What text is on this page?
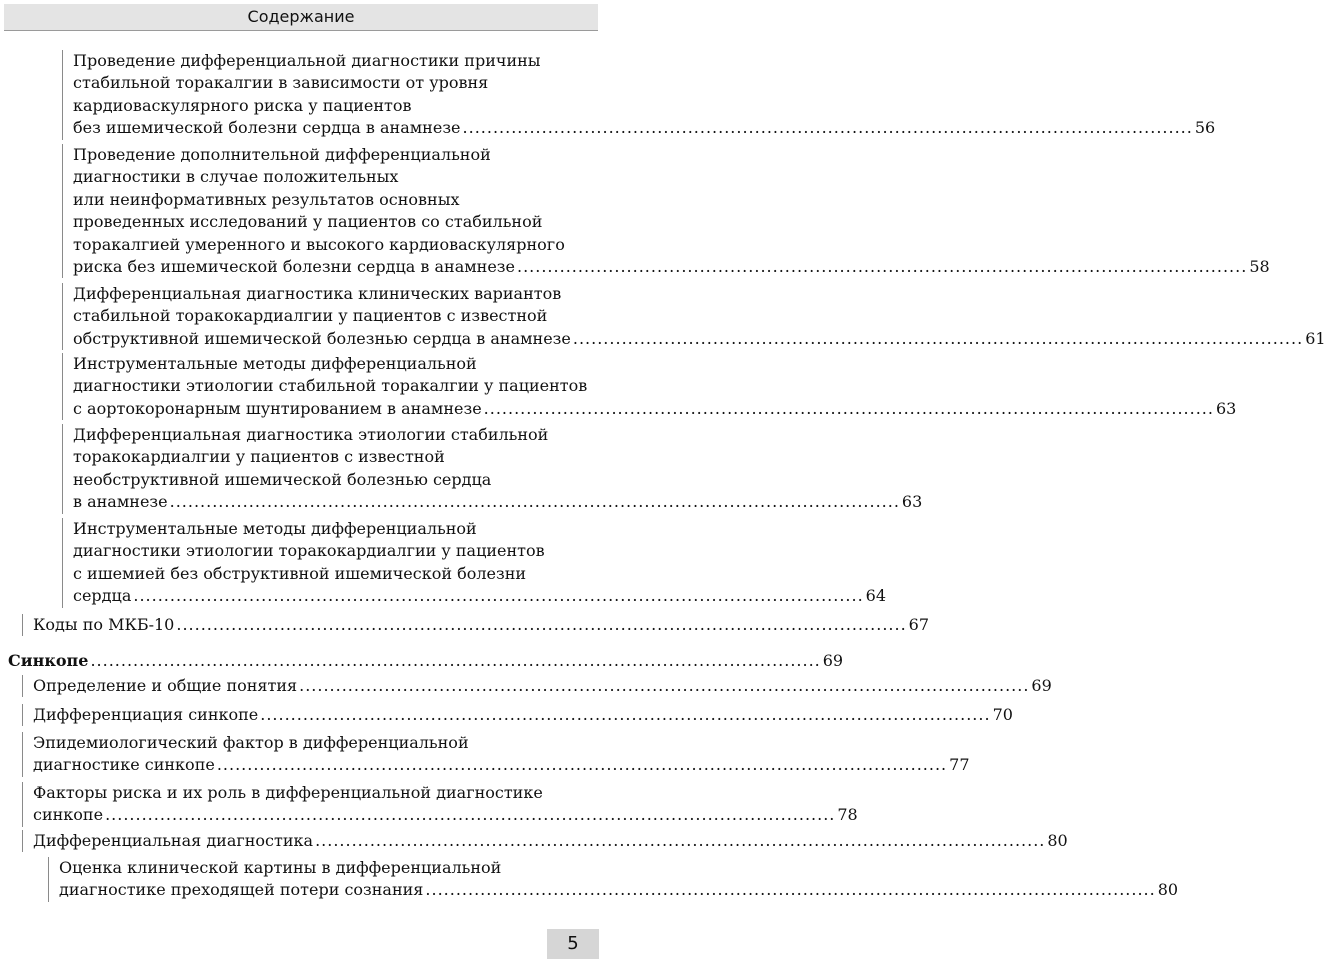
Содержание

Проведение дифференциальной диагностики причины

стабильной торакалгии в зависимости от уровня

кардиоваскулярного риска у пациентов

без ишемической болезни сердца в анамнезе ........................................................................................................................ 56

Проведение дополнительной дифференциальной

диагностики в случае положительных

или неинформативных результатов основных

проведенных исследований у пациентов со стабильной

торакалгией умеренного и высокого кардиоваскулярного

риска без ишемической болезни сердца в анамнезе ........................................................................................................................ 58

Дифференциальная диагностика клинических вариантов

стабильной торакокардиалгии у пациентов с известной

обструктивной ишемической болезнью сердца в анамнезе ........................................................................................................................ 61

Инструментальные методы дифференциальной

диагностики этиологии стабильной торакалгии у пациентов

с аортокоронарным шунтированием в анамнезе ........................................................................................................................ 63

Дифференциальная диагностика этиологии стабильной

торакокардиалгии у пациентов с известной

необструктивной ишемической болезнью сердца

в анамнезе ........................................................................................................................ 63

Инструментальные методы дифференциальной

диагностики этиологии торакокардиалгии у пациентов

с ишемией без обструктивной ишемической болезни

сердца ........................................................................................................................ 64

Коды по МКБ-10 ........................................................................................................................ 67

Синкопе ........................................................................................................................ 69

Определение и общие понятия ........................................................................................................................ 69

Дифференциация синкопе ........................................................................................................................ 70

Эпидемиологический фактор в дифференциальной

диагностике синкопе ........................................................................................................................ 77

Факторы риска и их роль в дифференциальной диагностике

синкопе ........................................................................................................................ 78

Дифференциальная диагностика ........................................................................................................................ 80

Оценка клинической картины в дифференциальной

диагностике преходящей потери сознания ........................................................................................................................ 80

5
